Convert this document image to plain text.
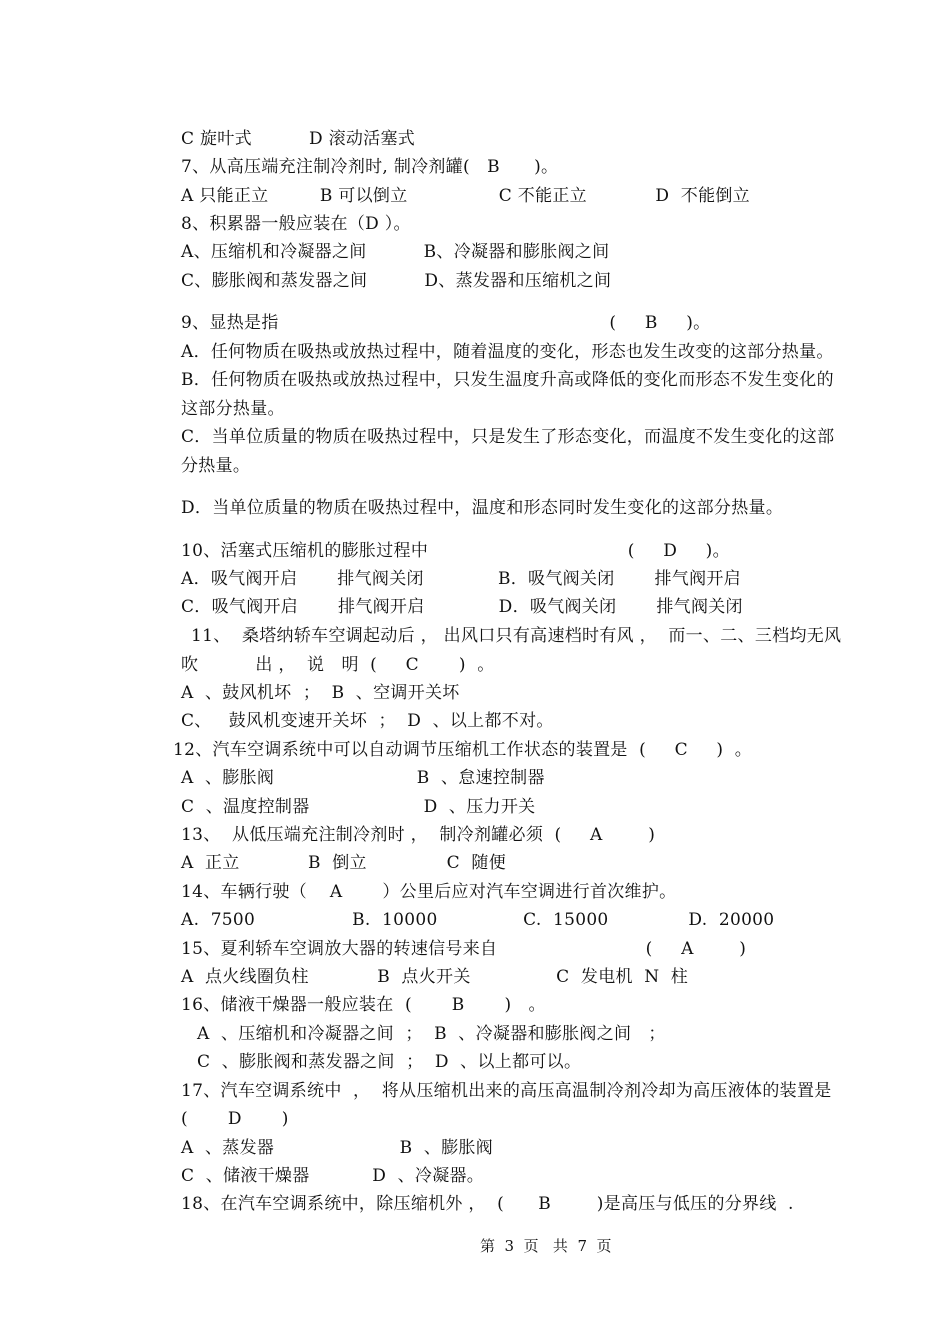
C 旋叶式          D 滚动活塞式
7、从高压端充注制冷剂时, 制冷剂罐(   B      )。
A 只能正立         B 可以倒立                C 不能正立            D  不能倒立
8、积累器一般应装在（D ）。
A、压缩机和冷凝器之间          B、冷凝器和膨胀阀之间
C、膨胀阀和蒸发器之间          D、蒸发器和压缩机之间
9、显热是指                                                          (     B     )。
A．任何物质在吸热或放热过程中，随着温度的变化，形态也发生改变的这部分热量。
B．任何物质在吸热或放热过程中，只发生温度升高或降低的变化而形态不发生变化的
这部分热量。
C．当单位质量的物质在吸热过程中，只是发生了形态变化，而温度不发生变化的这部
分热量。
D．当单位质量的物质在吸热过程中，温度和形态同时发生变化的这部分热量。
10、活塞式压缩机的膨胀过程中                                   (     D     )。
A．吸气阀开启       排气阀关闭             B．吸气阀关闭       排气阀开启
C．吸气阀开启       排气阀开启             D．吸气阀关闭       排气阀关闭
11、  桑塔纳轿车空调起动后 ， 出风口只有高速档时有风 ，  而一、二、三档均无风
吹          出 ，  说   明  (     C       )  。
A  、鼓风机坏  ；  B  、空调开关坏
C、   鼓风机变速开关坏  ；  D  、以上都不对。
12、汽车空调系统中可以自动调节压缩机工作状态的装置是  (     C     )  。
A  、膨胀阀                         B  、怠速控制器
C  、温度控制器                    D  、压力开关
13、  从低压端充注制冷剂时 ，  制冷剂罐必须  (     A        )
A  正立            B  倒立              C  随便
14、车辆行驶（    A       ）公里后应对汽车空调进行首次维护。
A.  7500                 B.  10000               C.  15000              D.  20000
15、夏利轿车空调放大器的转速信号来自                          (     A        )
A  点火线圈负柱            B  点火开关               C  发电机  N  柱
16、储液干燥器一般应装在  (       B       )   。
A  、压缩机和冷凝器之间  ；  B  、冷凝器和膨胀阀之间   ；
C  、膨胀阀和蒸发器之间  ；  D  、以上都可以。
17、汽车空调系统中  ，  将从压缩机出来的高压高温制冷剂冷却为高压液体的装置是
(       D       )
A  、蒸发器                      B  、膨胀阀
C  、储液干燥器           D  、冷凝器。
18、在汽车空调系统中，除压缩机外 ，  (      B        )是高压与低压的分界线  .
第  3  页   共  7  页
